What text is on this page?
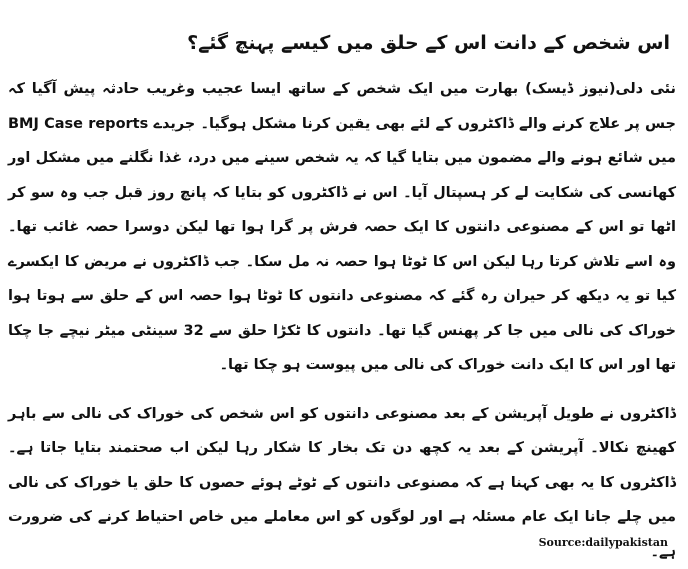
اس شخص کے دانت اس کے حلق میں کیسے پہنچ گئے؟

نئی دلی(نیوز ڈیسک) بھارت میں ایک شخص کے ساتھ ایسا عجیب وغریب حادثہ پیش آگیا کہ جس پر علاج کرنے والے ڈاکٹروں کے لئے بھی یقین کرنا مشکل ہوگیا۔ جریدے BMJ Case reports میں شائع ہونے والے مضمون میں بتایا گیا کہ یہ شخص سینے میں درد، غذا نگلنے میں مشکل اور کھانسی کی شکایت لے کر ہسپتال آیا۔ اس نے ڈاکٹروں کو بتایا کہ پانچ روز قبل جب وہ سو کر اٹھا تو اس کے مصنوعی دانتوں کا ایک حصہ فرش پر گرا ہوا تھا لیکن دوسرا حصہ غائب تھا۔ وہ اسے تلاش کرتا رہا لیکن اس کا ٹوٹا ہوا حصہ نہ مل سکا۔ جب ڈاکٹروں نے مریض کا ایکسرے کیا تو یہ دیکھ کر حیران رہ گئے کہ مصنوعی دانتوں کا ٹوٹا ہوا حصہ اس کے حلق سے ہوتا ہوا خوراک کی نالی میں جا کر پھنس گیا تھا۔ دانتوں کا ٹکڑا حلق سے 32 سینٹی میٹر نیچے جا چکا تھا اور اس کا ایک دانت خوراک کی نالی میں پیوست ہو چکا تھا۔

ڈاکٹروں نے طویل آپریشن کے بعد مصنوعی دانتوں کو اس شخص کی خوراک کی نالی سے باہر کھینچ نکالا۔ آپریشن کے بعد یہ کچھ دن تک بخار کا شکار رہا لیکن اب صحتمند بتایا جاتا ہے۔ ڈاکٹروں کا یہ بھی کہنا ہے کہ مصنوعی دانتوں کے ٹوٹے ہوئے حصوں کا حلق یا خوراک کی نالی میں چلے جانا ایک عام مسئلہ ہے اور لوگوں کو اس معاملے میں خاص احتیاط کرنے کی ضرورت ہے۔

Source:dailypakistan
